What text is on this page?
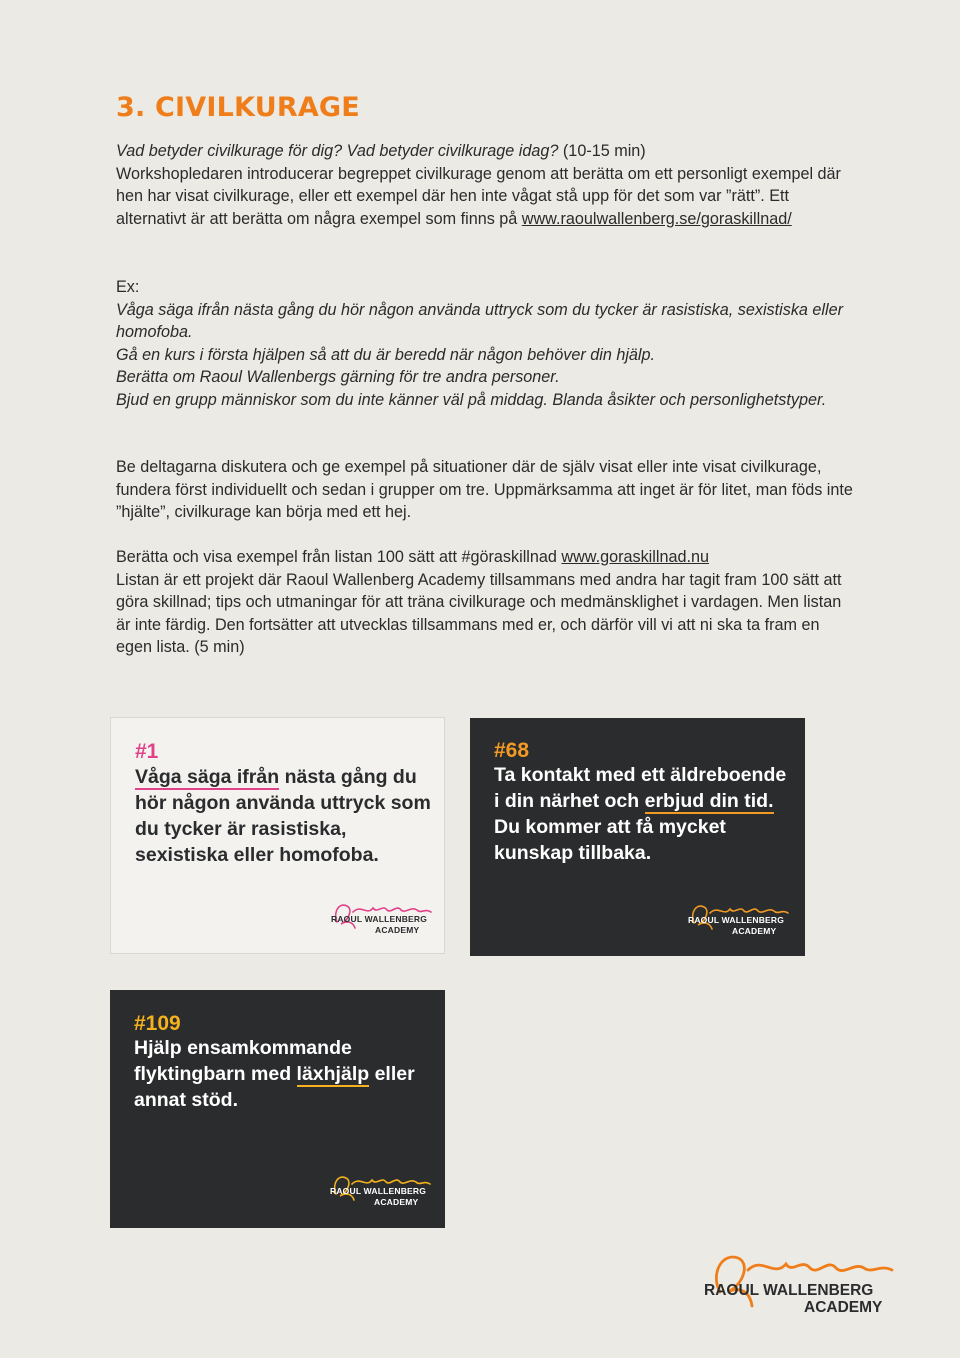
3. CIVILKURAGE

Vad betyder civilkurage för dig? Vad betyder civilkurage idag? (10-15 min)
Workshopledaren introducerar begreppet civilkurage genom att berätta om ett personligt exempel där hen har visat civilkurage, eller ett exempel där hen inte vågat stå upp för det som var ”rätt”. Ett alternativt är att berätta om några exempel som finns på www.raoulwallenberg.se/goraskillnad/

Ex:
Våga säga ifrån nästa gång du hör någon använda uttryck som du tycker är rasistiska, sexistiska eller homofoba.
Gå en kurs i första hjälpen så att du är beredd när någon behöver din hjälp.
Berätta om Raoul Wallenbergs gärning för tre andra personer.
Bjud en grupp människor som du inte känner väl på middag. Blanda åsikter och personlighetstyper.

Be deltagarna diskutera och ge exempel på situationer där de själv visat eller inte visat civilkurage, fundera först individuellt och sedan i grupper om tre. Uppmärksamma att inget är för litet, man föds inte ”hjälte”, civilkurage kan börja med ett hej.

Berätta och visa exempel från listan 100 sätt att #göraskillnad www.goraskillnad.nu
Listan är ett projekt där Raoul Wallenberg Academy tillsammans med andra har tagit fram 100 sätt att göra skillnad; tips och utmaningar för att träna civilkurage och medmänsklighet i vardagen. Men listan är inte färdig. Den fortsätter att utvecklas tillsammans med er, och därför vill vi att ni ska ta fram en egen lista. (5 min)

#1

Våga säga ifrån nästa gång du hör någon använda uttryck som du tycker är rasistiska, sexistiska eller homofoba.

RAOUL WALLENBERG
ACADEMY
#68

Ta kontakt med ett äldreboende i din närhet och erbjud din tid. Du kommer att få mycket kunskap tillbaka.

RAOUL WALLENBERG
ACADEMY
#109

Hjälp ensamkommande flyktingbarn med läxhjälp eller annat stöd.

RAOUL WALLENBERG
ACADEMY
RAOUL WALLENBERG
ACADEMY
